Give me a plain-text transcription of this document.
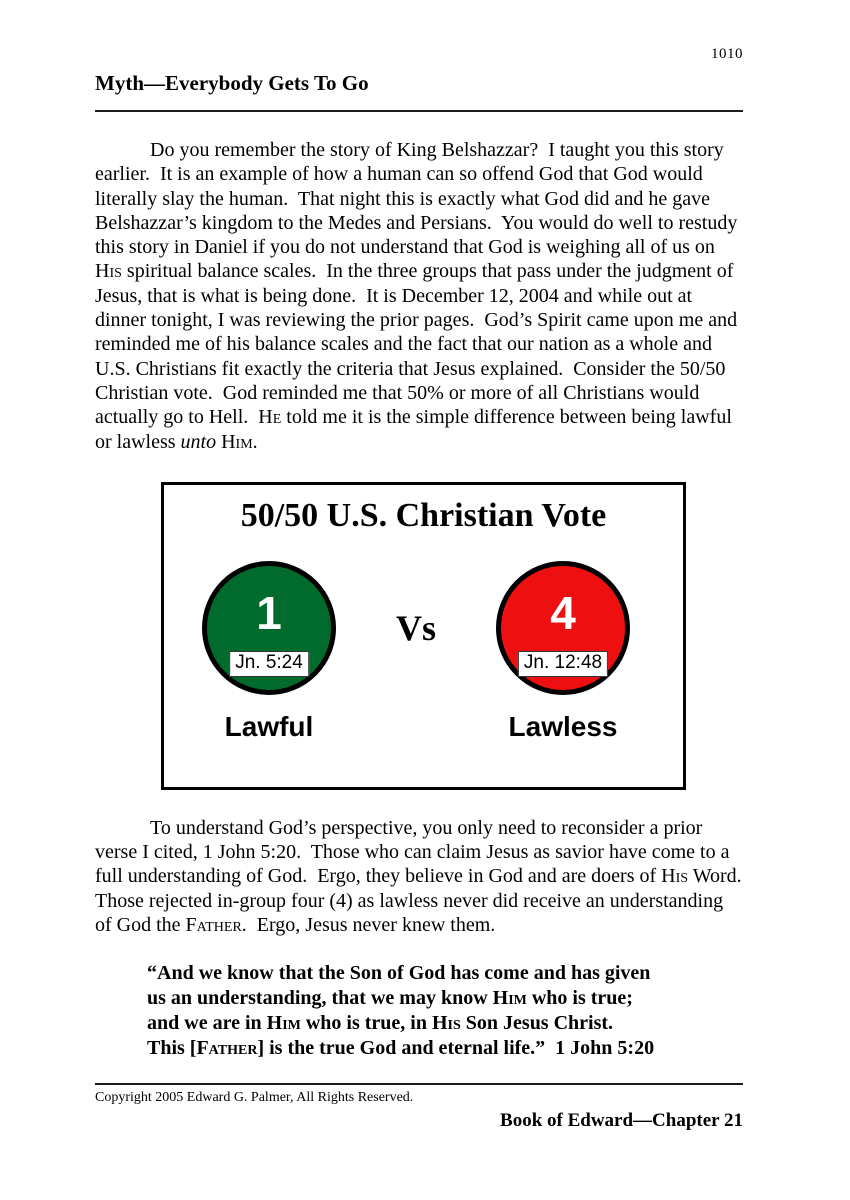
1010
Myth—Everybody Gets To Go

Do you remember the story of King Belshazzar?  I taught you this story earlier.  It is an example of how a human can so offend God that God would literally slay the human.  That night this is exactly what God did and he gave Belshazzar’s kingdom to the Medes and Persians.  You would do well to restudy this story in Daniel if you do not understand that God is weighing all of us on His spiritual balance scales.  In the three groups that pass under the judgment of Jesus, that is what is being done.  It is December 12, 2004 and while out at dinner tonight, I was reviewing the prior pages.  God’s Spirit came upon me and reminded me of his balance scales and the fact that our nation as a whole and U.S. Christians fit exactly the criteria that Jesus explained.  Consider the 50/50 Christian vote.  God reminded me that 50% or more of all Christians would actually go to Hell.  He told me it is the simple difference between being lawful or lawless unto Him.

50/50 U.S. Christian Vote
1
Jn. 5:24
Vs	4
Jn. 12:48
Lawful	Lawless

To understand God’s perspective, you only need to reconsider a prior verse I cited, 1 John 5:20.  Those who can claim Jesus as savior have come to a full understanding of God.  Ergo, they believe in God and are doers of His Word.  Those rejected in-group four (4) as lawless never did receive an understanding of God the Father.  Ergo, Jesus never knew them.

“And we know that the Son of God has come and has given
us an understanding, that we may know Him who is true;
and we are in Him who is true, in His Son Jesus Christ.
This [Father] is the true God and eternal life.”  1 John 5:20
Copyright 2005 Edward G. Palmer, All Rights Reserved.
Book of Edward—Chapter 21
